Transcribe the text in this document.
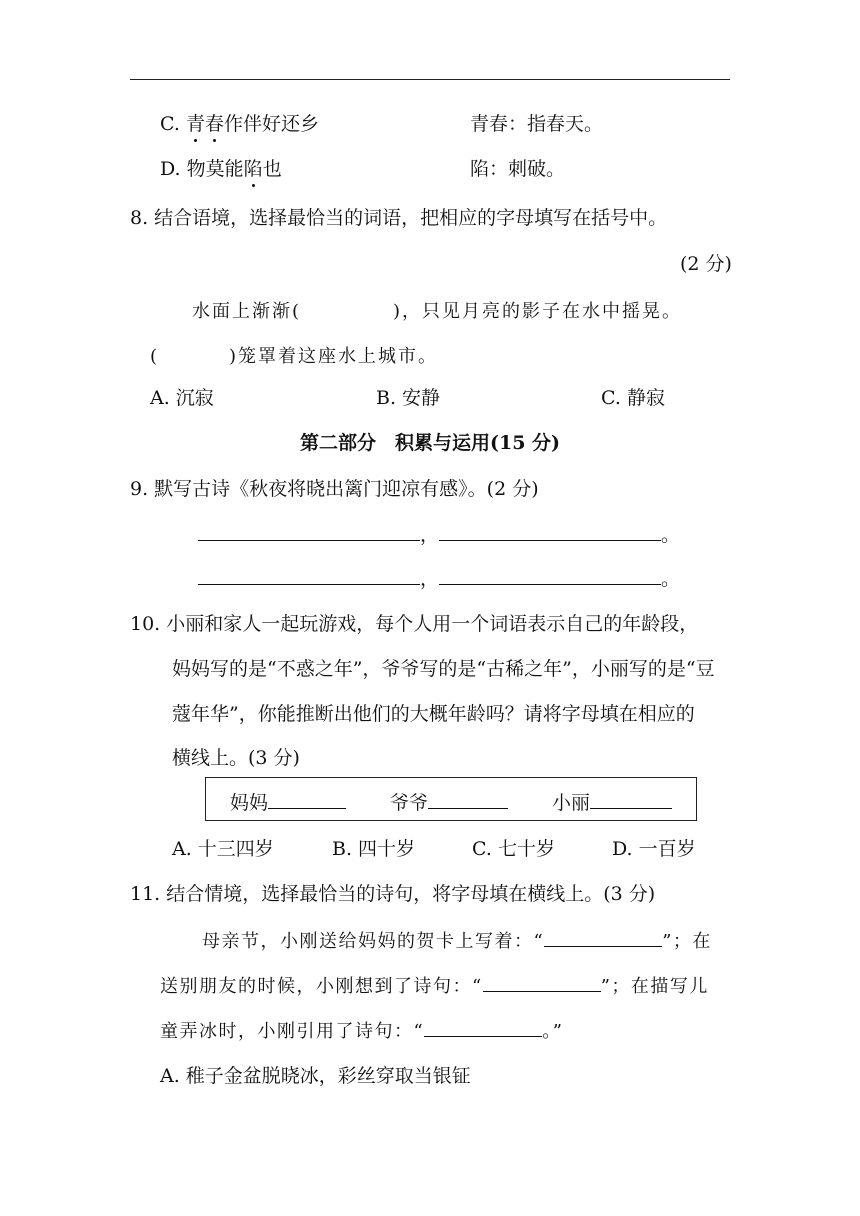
C. 青春作伴好还乡	青春：指春天。
D. 物莫能陷也	陷：刺破。
8. 结合语境，选择最恰当的词语，把相应的字母填写在括号中。
(2 分)
水面上渐渐(	)，只见月亮的影子在水中摇晃。
(	)笼罩着这座水上城市。
A. 沉寂	B. 安静	C. 静寂
第二部分　积累与运用(15 分)
9. 默写古诗《秋夜将晓出篱门迎凉有感》。(2 分)
，	。
，	。
10. 小丽和家人一起玩游戏，每个人用一个词语表示自己的年龄段，
妈妈写的是“不惑之年”，爷爷写的是“古稀之年”，小丽写的是“豆
蔻年华”，你能推断出他们的大概年龄吗？请将字母填在相应的
横线上。(3 分)
妈妈	爷爷	小丽
A. 十三四岁	B. 四十岁	C. 七十岁	D. 一百岁
11. 结合情境，选择最恰当的诗句，将字母填在横线上。(3 分)
母亲节，小刚送给妈妈的贺卡上写着：“	”；在
送别朋友的时候，小刚想到了诗句：“	”；在描写儿
童弄冰时，小刚引用了诗句：“	。”
A. 稚子金盆脱晓冰，彩丝穿取当银钲
